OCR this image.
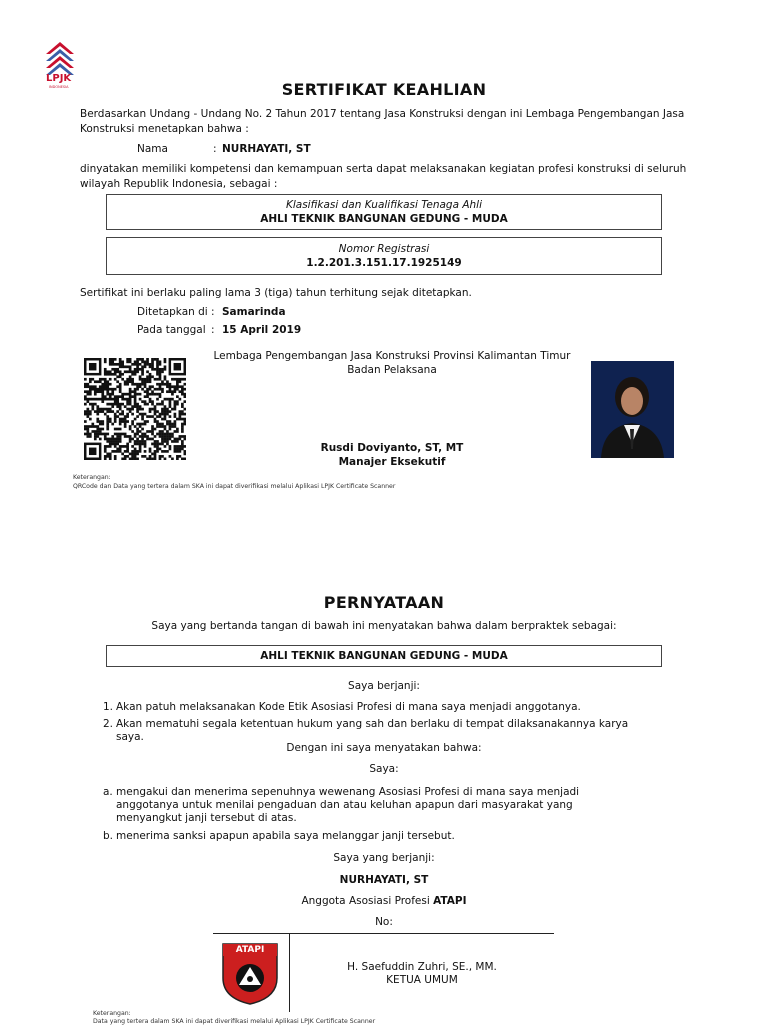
LPJK
INDONESIA	SERTIFIKAT KEAHLIAN
Berdasarkan Undang - Undang No. 2 Tahun 2017 tentang Jasa Konstruksi dengan ini Lembaga Pengembangan Jasa
Konstruksi menetapkan bahwa :
Nama	: NURHAYATI, ST
dinyatakan memiliki kompetensi dan kemampuan serta dapat melaksanakan kegiatan profesi konstruksi di seluruh
wilayah Republik Indonesia, sebagai :
Klasifikasi dan Kualifikasi Tenaga Ahli
AHLI TEKNIK BANGUNAN GEDUNG - MUDA
Nomor Registrasi
1.2.201.3.151.17.1925149
Sertifikat ini berlaku paling lama 3 (tiga) tahun terhitung sejak ditetapkan.
Ditetapkan di : Samarinda
Pada tanggal : 15 April 2019
Lembaga Pengembangan Jasa Konstruksi Provinsi Kalimantan Timur
Badan Pelaksana
Rusdi Doviyanto, ST, MT
Manajer Eksekutif
Keterangan:
QRCode dan Data yang tertera dalam SKA ini dapat diverifikasi melalui Aplikasi LPJK Certificate Scanner
PERNYATAAN
Saya yang bertanda tangan di bawah ini menyatakan bahwa dalam berpraktek sebagai:
AHLI TEKNIK BANGUNAN GEDUNG - MUDA
Saya berjanji:
1. Akan patuh melaksanakan Kode Etik Asosiasi Profesi di mana saya menjadi anggotanya.
2. Akan mematuhi segala ketentuan hukum yang sah dan berlaku di tempat dilaksanakannya karya saya.
Dengan ini saya menyatakan bahwa:
Saya:
a. mengakui dan menerima sepenuhnya wewenang Asosiasi Profesi di mana saya menjadi anggotanya untuk menilai pengaduan dan atau keluhan apapun dari masyarakat yang menyangkut janji tersebut di atas.
b. menerima sanksi apapun apabila saya melanggar janji tersebut.
Saya yang berjanji:
NURHAYATI, ST
Anggota Asosiasi Profesi ATAPI
No:
ATAPI
H. Saefuddin Zuhri, SE., MM.
KETUA UMUM
Keterangan:
Data yang tertera dalam SKA ini dapat diverifikasi melalui Aplikasi LPJK Certificate Scanner
